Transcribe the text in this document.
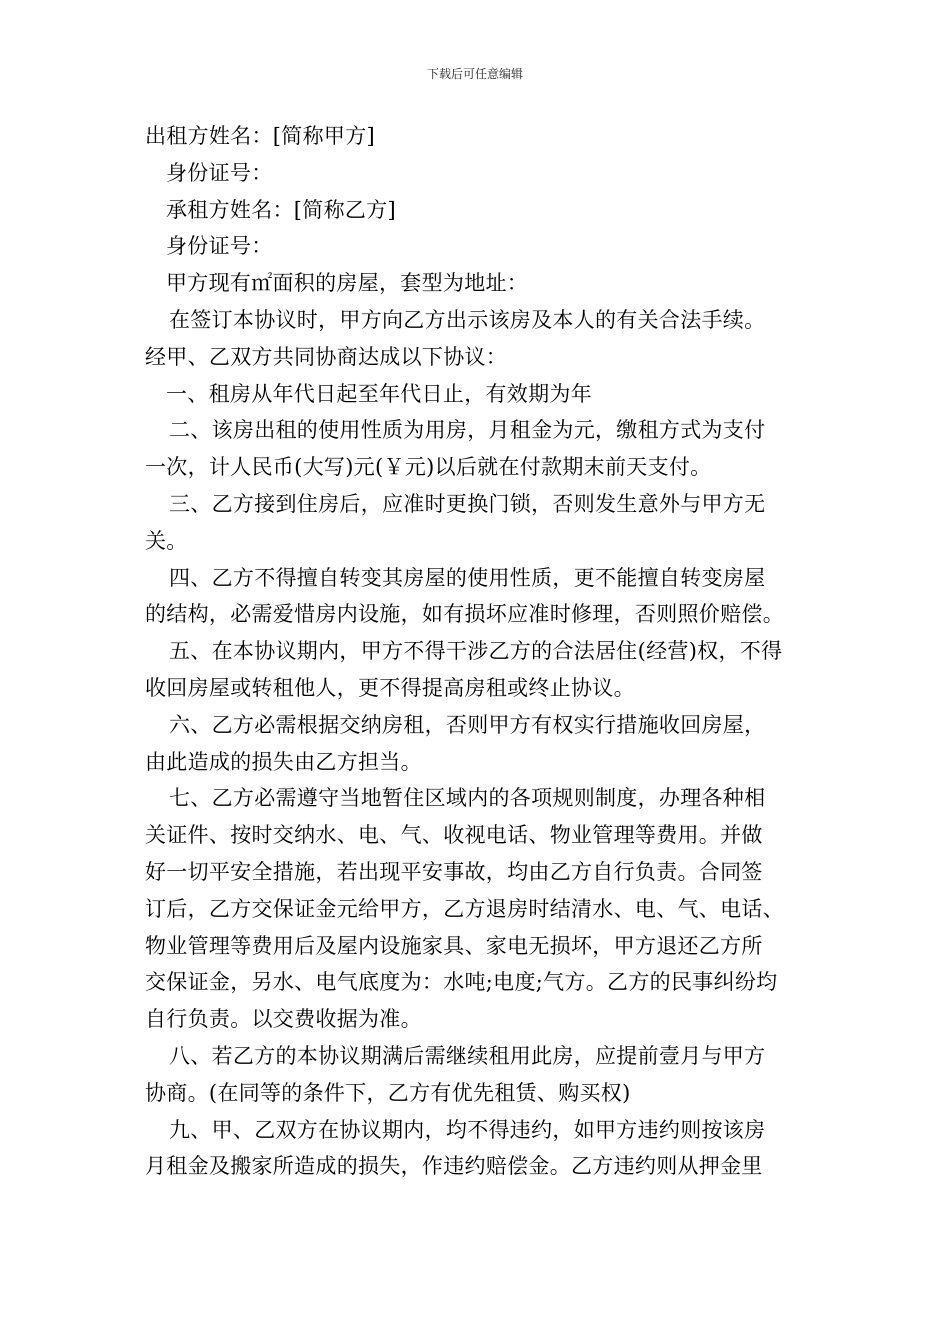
下载后可任意编辑
出租方姓名：[简称甲方]
身份证号：
承租方姓名：[简称乙方]
身份证号：
甲方现有㎡面积的房屋，套型为地址：
在签订本协议时，甲方向乙方出示该房及本人的有关合法手续。
经甲、乙双方共同协商达成以下协议：
一、租房从年代日起至年代日止，有效期为年
二、该房出租的使用性质为用房，月租金为元，缴租方式为支付
一次，计人民币(大写)元(￥元)以后就在付款期末前天支付。
三、乙方接到住房后，应准时更换门锁，否则发生意外与甲方无
关。
四、乙方不得擅自转变其房屋的使用性质，更不能擅自转变房屋
的结构，必需爱惜房内设施，如有损坏应准时修理，否则照价赔偿。
五、在本协议期内，甲方不得干涉乙方的合法居住(经营)权，不得
收回房屋或转租他人，更不得提高房租或终止协议。
六、乙方必需根据交纳房租，否则甲方有权实行措施收回房屋，
由此造成的损失由乙方担当。
七、乙方必需遵守当地暂住区域内的各项规则制度，办理各种相
关证件、按时交纳水、电、气、收视电话、物业管理等费用。并做
好一切平安全措施，若出现平安事故，均由乙方自行负责。合同签
订后，乙方交保证金元给甲方，乙方退房时结清水、电、气、电话、
物业管理等费用后及屋内设施家具、家电无损坏，甲方退还乙方所
交保证金，另水、电气底度为：水吨;电度;气方。乙方的民事纠纷均
自行负责。以交费收据为准。
八、若乙方的本协议期满后需继续租用此房，应提前壹月与甲方
协商。(在同等的条件下，乙方有优先租赁、购买权)
九、甲、乙双方在协议期内，均不得违约，如甲方违约则按该房
月租金及搬家所造成的损失，作违约赔偿金。乙方违约则从押金里
